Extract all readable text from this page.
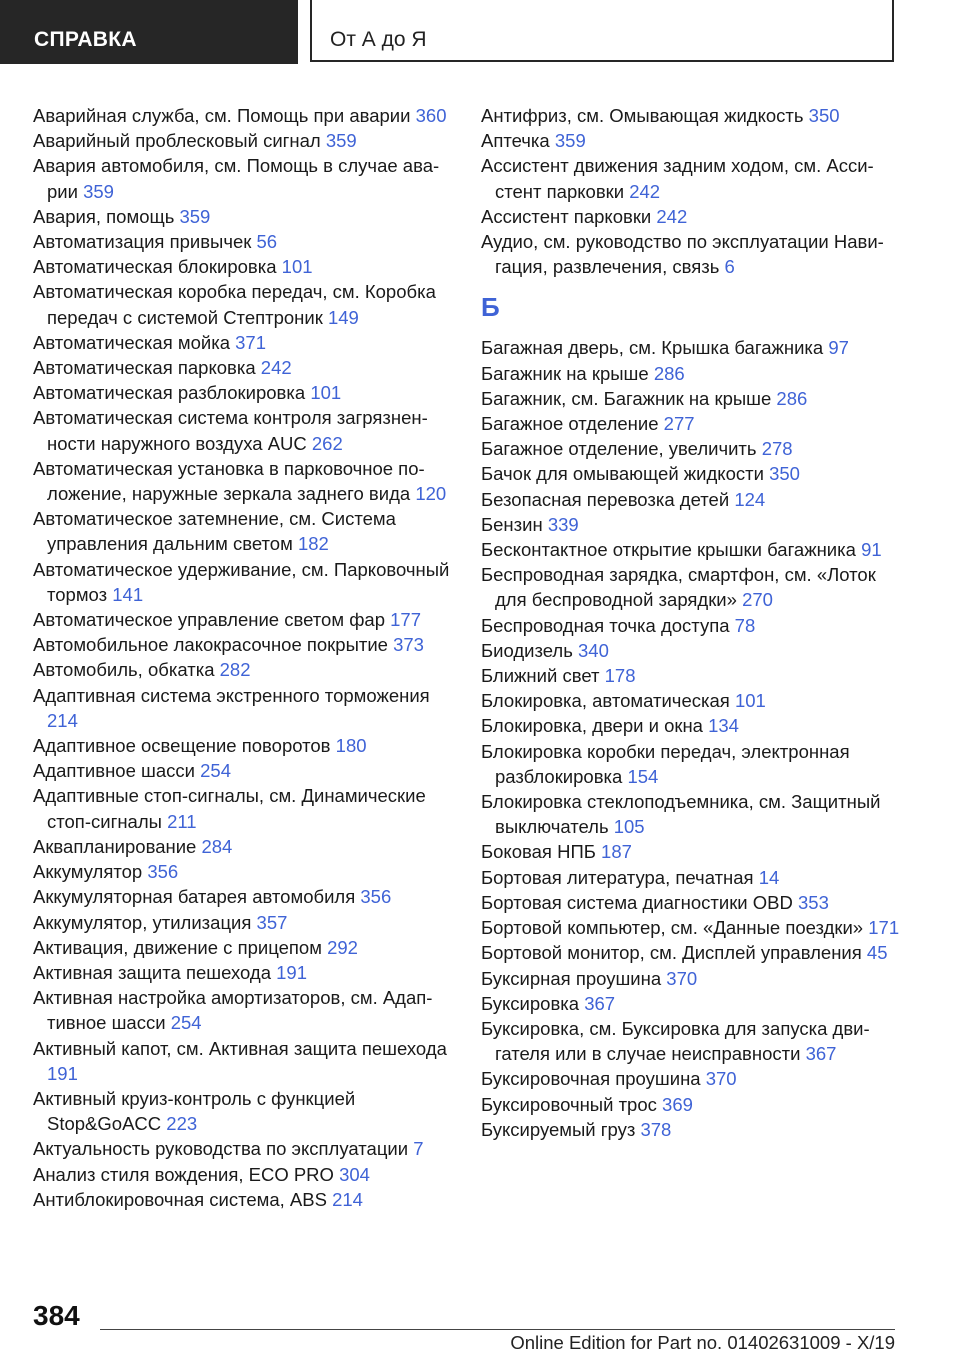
СПРАВКА	От А до Я

Аварийная служба, см. Помощь при аварии 360

Аварийный проблесковый сигнал 359

Авария автомобиля, см. Помощь в случае аварии 359

Авария, помощь 359

Автоматизация привычек 56

Автоматическая блокировка 101

Автоматическая коробка передач, см. Коробка передач с системой Стептроник 149

Автоматическая мойка 371

Автоматическая парковка 242

Автоматическая разблокировка 101

Автоматическая система контроля загрязненности наружного воздуха AUC 262

Автоматическая установка в парковочное положение, наружные зеркала заднего вида 120

Автоматическое затемнение, см. Система управления дальним светом 182

Автоматическое удерживание, см. Парковочный тормоз 141

Автоматическое управление светом фар 177

Автомобильное лакокрасочное покрытие 373

Автомобиль, обкатка 282

Адаптивная система экстренного торможения 214

Адаптивное освещение поворотов 180

Адаптивное шасси 254

Адаптивные стоп-сигналы, см. Динамические стоп-сигналы 211

Аквапланирование 284

Аккумулятор 356

Аккумуляторная батарея автомобиля 356

Аккумулятор, утилизация 357

Активация, движение с прицепом 292

Активная защита пешехода 191

Активная настройка амортизаторов, см. Адаптивное шасси 254

Активный капот, см. Активная защита пешехода 191

Активный круиз-контроль с функцией Stop&GoACC 223

Актуальность руководства по эксплуатации 7

Анализ стиля вождения, ECO PRO 304

Антиблокировочная система, ABS 214

Антифриз, см. Омывающая жидкость 350

Аптечка 359

Ассистент движения задним ходом, см. Ассистент парковки 242

Ассистент парковки 242

Аудио, см. руководство по эксплуатации Навигация, развлечения, связь 6

Б

Багажная дверь, см. Крышка багажника 97

Багажник на крыше 286

Багажник, см. Багажник на крыше 286

Багажное отделение 277

Багажное отделение, увеличить 278

Бачок для омывающей жидкости 350

Безопасная перевозка детей 124

Бензин 339

Бесконтактное открытие крышки багажника 91

Беспроводная зарядка, смартфон, см. «Лоток для беспроводной зарядки» 270

Беспроводная точка доступа 78

Биодизель 340

Ближний свет 178

Блокировка, автоматическая 101

Блокировка, двери и окна 134

Блокировка коробки передач, электронная разблокировка 154

Блокировка стеклоподъемника, см. Защитный выключатель 105

Боковая НПБ 187

Бортовая литература, печатная 14

Бортовая система диагностики OBD 353

Бортовой компьютер, см. «Данные поездки» 171

Бортовой монитор, см. Дисплей управления 45

Буксирная проушина 370

Буксировка 367

Буксировка, см. Буксировка для запуска двигателя или в случае неисправности 367

Буксировочная проушина 370

Буксировочный трос 369

Буксируемый груз 378

384
Online Edition for Part no. 01402631009 - X/19
